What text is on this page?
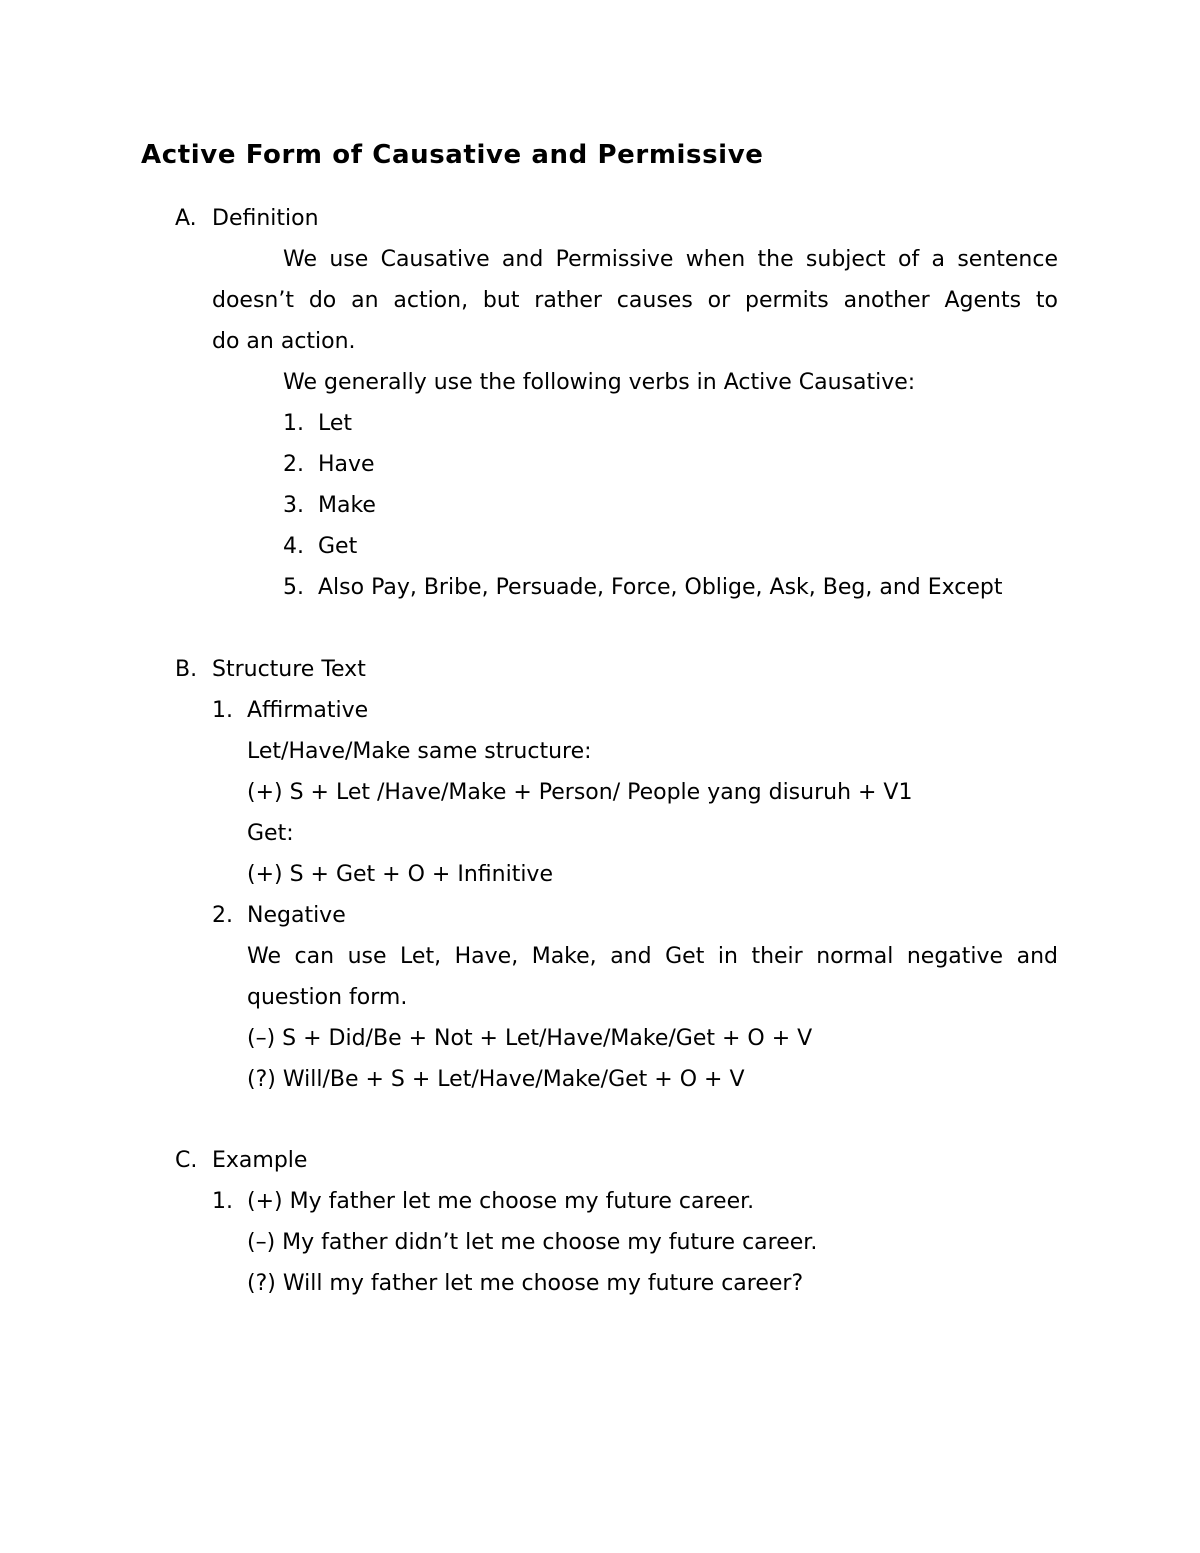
Active Form of Causative and Permissive
A. Definition
We use Causative and Permissive when the subject of a sentence
doesn’t do an action, but rather causes or permits another Agents to
do an action.
We generally use the following verbs in Active Causative:
1. Let
2. Have
3. Make
4. Get
5. Also Pay, Bribe, Persuade, Force, Oblige, Ask, Beg, and Except
B. Structure Text
1. Affirmative
Let/Have/Make same structure:
(+) S + Let /Have/Make + Person/ People yang disuruh + V1
Get:
(+) S + Get + O + Infinitive
2. Negative
We can use Let, Have, Make, and Get in their normal negative and
question form.
(–) S + Did/Be + Not + Let/Have/Make/Get + O + V
(?) Will/Be + S + Let/Have/Make/Get + O + V
C. Example
1. (+) My father let me choose my future career.
(–) My father didn’t let me choose my future career.
(?) Will my father let me choose my future career?
